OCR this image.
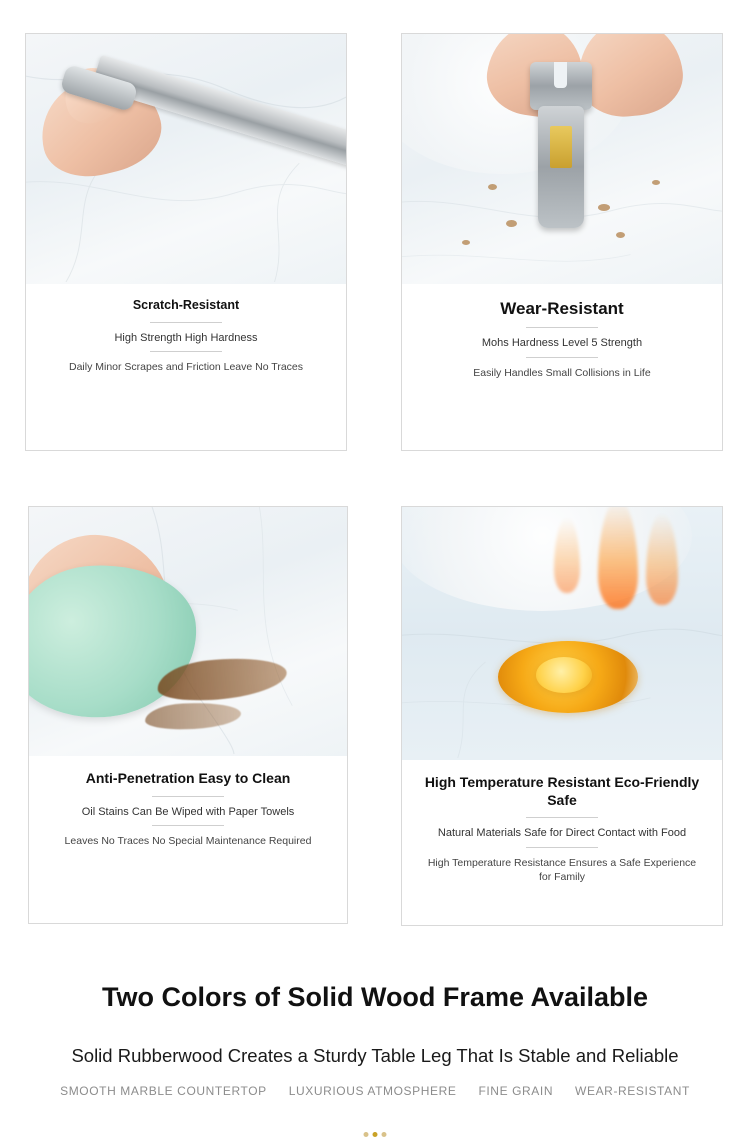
Scratch-Resistant
High Strength High Hardness
Daily Minor Scrapes and Friction Leave No Traces
Wear-Resistant
Mohs Hardness Level 5 Strength
Easily Handles Small Collisions in Life
Anti-Penetration Easy to Clean
Oil Stains Can Be Wiped with Paper Towels
Leaves No Traces No Special Maintenance Required
High Temperature Resistant Eco-Friendly Safe
Natural Materials Safe for Direct Contact with Food
High Temperature Resistance Ensures a Safe Experience for Family
Two Colors of Solid Wood Frame Available
Solid Rubberwood Creates a Sturdy Table Leg That Is Stable and Reliable
SMOOTH MARBLE COUNTERTOP LUXURIOUS ATMOSPHERE FINE GRAIN WEAR-RESISTANT
